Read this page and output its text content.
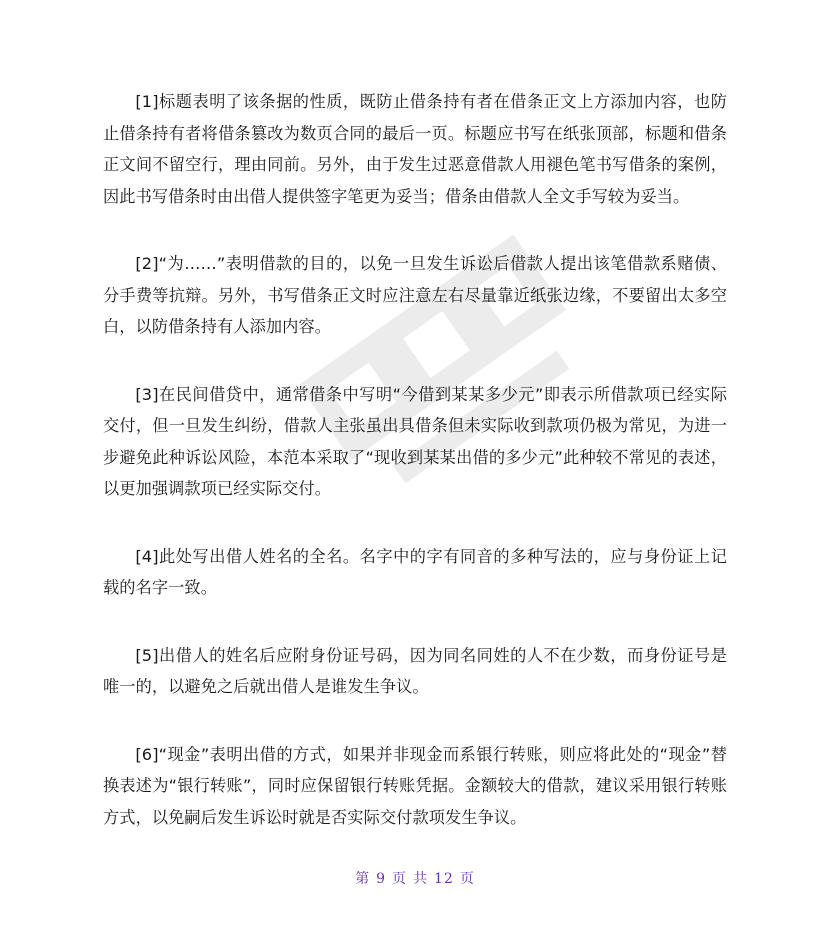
[1]标题表明了该条据的性质，既防止借条持有者在借条正文上方添加内容，也防止借条持有者将借条篡改为数页合同的最后一页。标题应书写在纸张顶部，标题和借条正文间不留空行，理由同前。另外，由于发生过恶意借款人用褪色笔书写借条的案例，因此书写借条时由出借人提供签字笔更为妥当；借条由借款人全文手写较为妥当。

[2]“为……”表明借款的目的，以免一旦发生诉讼后借款人提出该笔借款系赌债、分手费等抗辩。另外，书写借条正文时应注意左右尽量靠近纸张边缘，不要留出太多空白，以防借条持有人添加内容。

[3]在民间借贷中，通常借条中写明“今借到某某多少元”即表示所借款项已经实际交付，但一旦发生纠纷，借款人主张虽出具借条但未实际收到款项仍极为常见，为进一步避免此种诉讼风险，本范本采取了“现收到某某出借的多少元”此种较不常见的表述，以更加强调款项已经实际交付。

[4]此处写出借人姓名的全名。名字中的字有同音的多种写法的，应与身份证上记载的名字一致。

[5]出借人的姓名后应附身份证号码，因为同名同姓的人不在少数，而身份证号是唯一的，以避免之后就出借人是谁发生争议。

[6]“现金”表明出借的方式，如果并非现金而系银行转账，则应将此处的“现金”替换表述为“银行转账”，同时应保留银行转账凭据。金额较大的借款，建议采用银行转账方式，以免嗣后发生诉讼时就是否实际交付款项发生争议。

第 9 页 共 12 页
